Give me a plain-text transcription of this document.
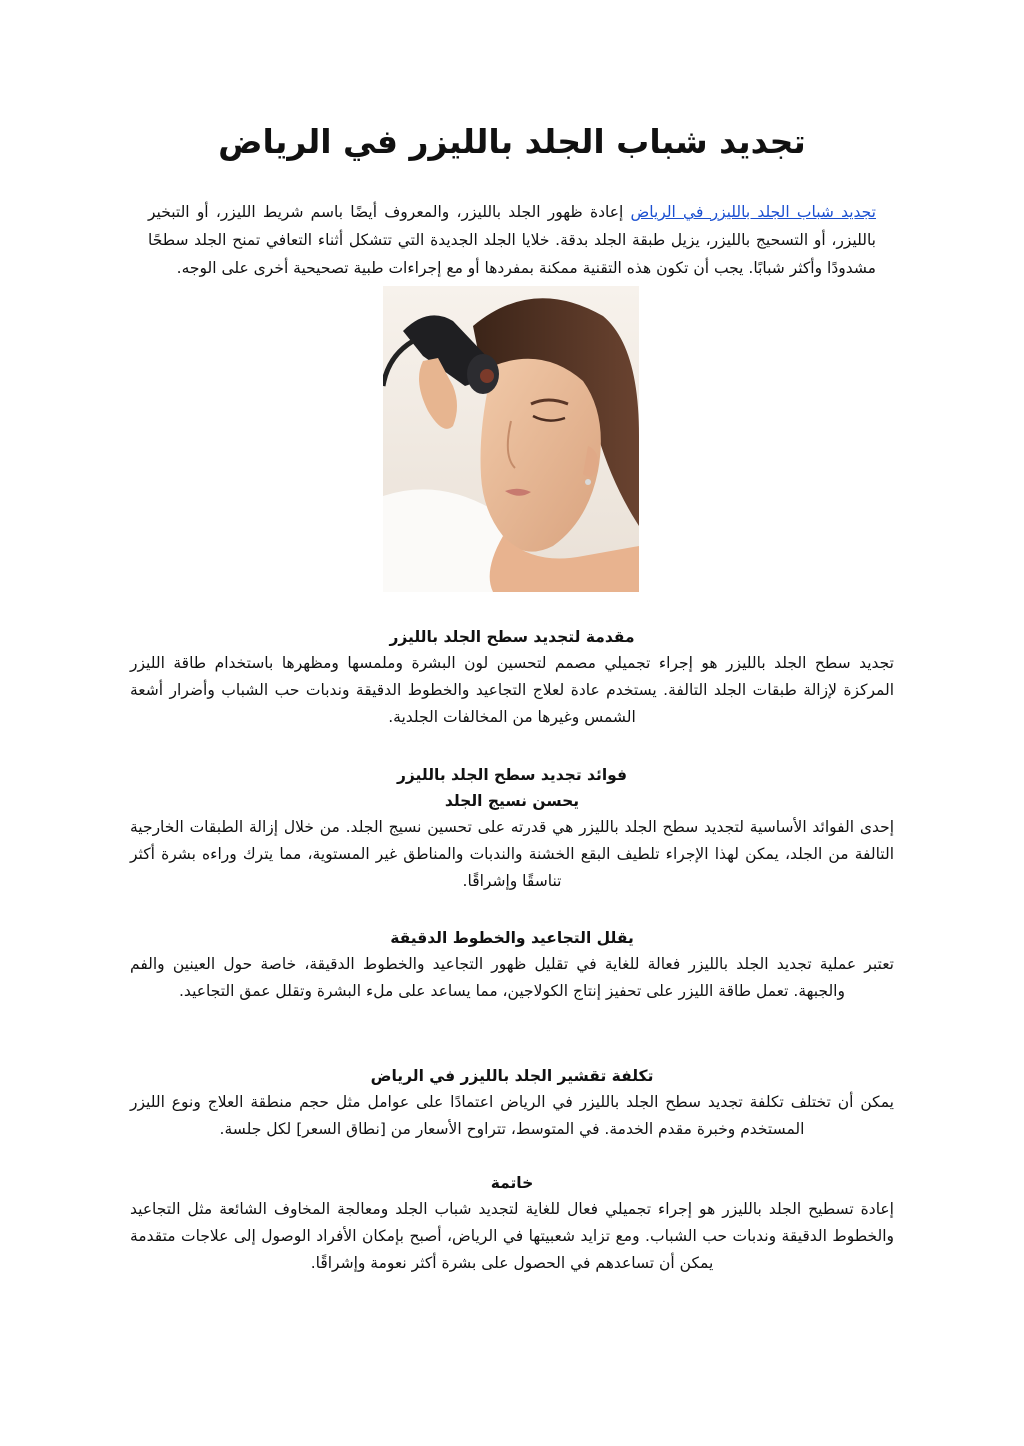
تجديد شباب الجلد بالليزر في الرياض

تجديد شباب الجلد بالليزر في الرياض إعادة ظهور الجلد بالليزر، والمعروف أيضًا باسم شريط الليزر، أو التبخير بالليزر، أو التسحيج بالليزر، يزيل طبقة الجلد بدقة. خلايا الجلد الجديدة التي تتشكل أثناء التعافي تمنح الجلد سطحًا مشدودًا وأكثر شبابًا. يجب أن تكون هذه التقنية ممكنة بمفردها أو مع إجراءات طبية تصحيحية أخرى على الوجه.

مقدمة لتجديد سطح الجلد بالليزر

تجديد سطح الجلد بالليزر هو إجراء تجميلي مصمم لتحسين لون البشرة وملمسها ومظهرها باستخدام طاقة الليزر المركزة لإزالة طبقات الجلد التالفة. يستخدم عادة لعلاج التجاعيد والخطوط الدقيقة وندبات حب الشباب وأضرار أشعة الشمس وغيرها من المخالفات الجلدية.

فوائد تجديد سطح الجلد بالليزر
يحسن نسيج الجلد

إحدى الفوائد الأساسية لتجديد سطح الجلد بالليزر هي قدرته على تحسين نسيج الجلد. من خلال إزالة الطبقات الخارجية التالفة من الجلد، يمكن لهذا الإجراء تلطيف البقع الخشنة والندبات والمناطق غير المستوية، مما يترك وراءه بشرة أكثر تناسقًا وإشراقًا.

يقلل التجاعيد والخطوط الدقيقة

تعتبر عملية تجديد الجلد بالليزر فعالة للغاية في تقليل ظهور التجاعيد والخطوط الدقيقة، خاصة حول العينين والفم والجبهة. تعمل طاقة الليزر على تحفيز إنتاج الكولاجين، مما يساعد على ملء البشرة وتقلل عمق التجاعيد.

تكلفة تقشير الجلد بالليزر في الرياض

يمكن أن تختلف تكلفة تجديد سطح الجلد بالليزر في الرياض اعتمادًا على عوامل مثل حجم منطقة العلاج ونوع الليزر المستخدم وخبرة مقدم الخدمة. في المتوسط، تتراوح الأسعار من [نطاق السعر] لكل جلسة.

خاتمة

إعادة تسطيح الجلد بالليزر هو إجراء تجميلي فعال للغاية لتجديد شباب الجلد ومعالجة المخاوف الشائعة مثل التجاعيد والخطوط الدقيقة وندبات حب الشباب. ومع تزايد شعبيتها في الرياض، أصبح بإمكان الأفراد الوصول إلى علاجات متقدمة يمكن أن تساعدهم في الحصول على بشرة أكثر نعومة وإشراقًا.
